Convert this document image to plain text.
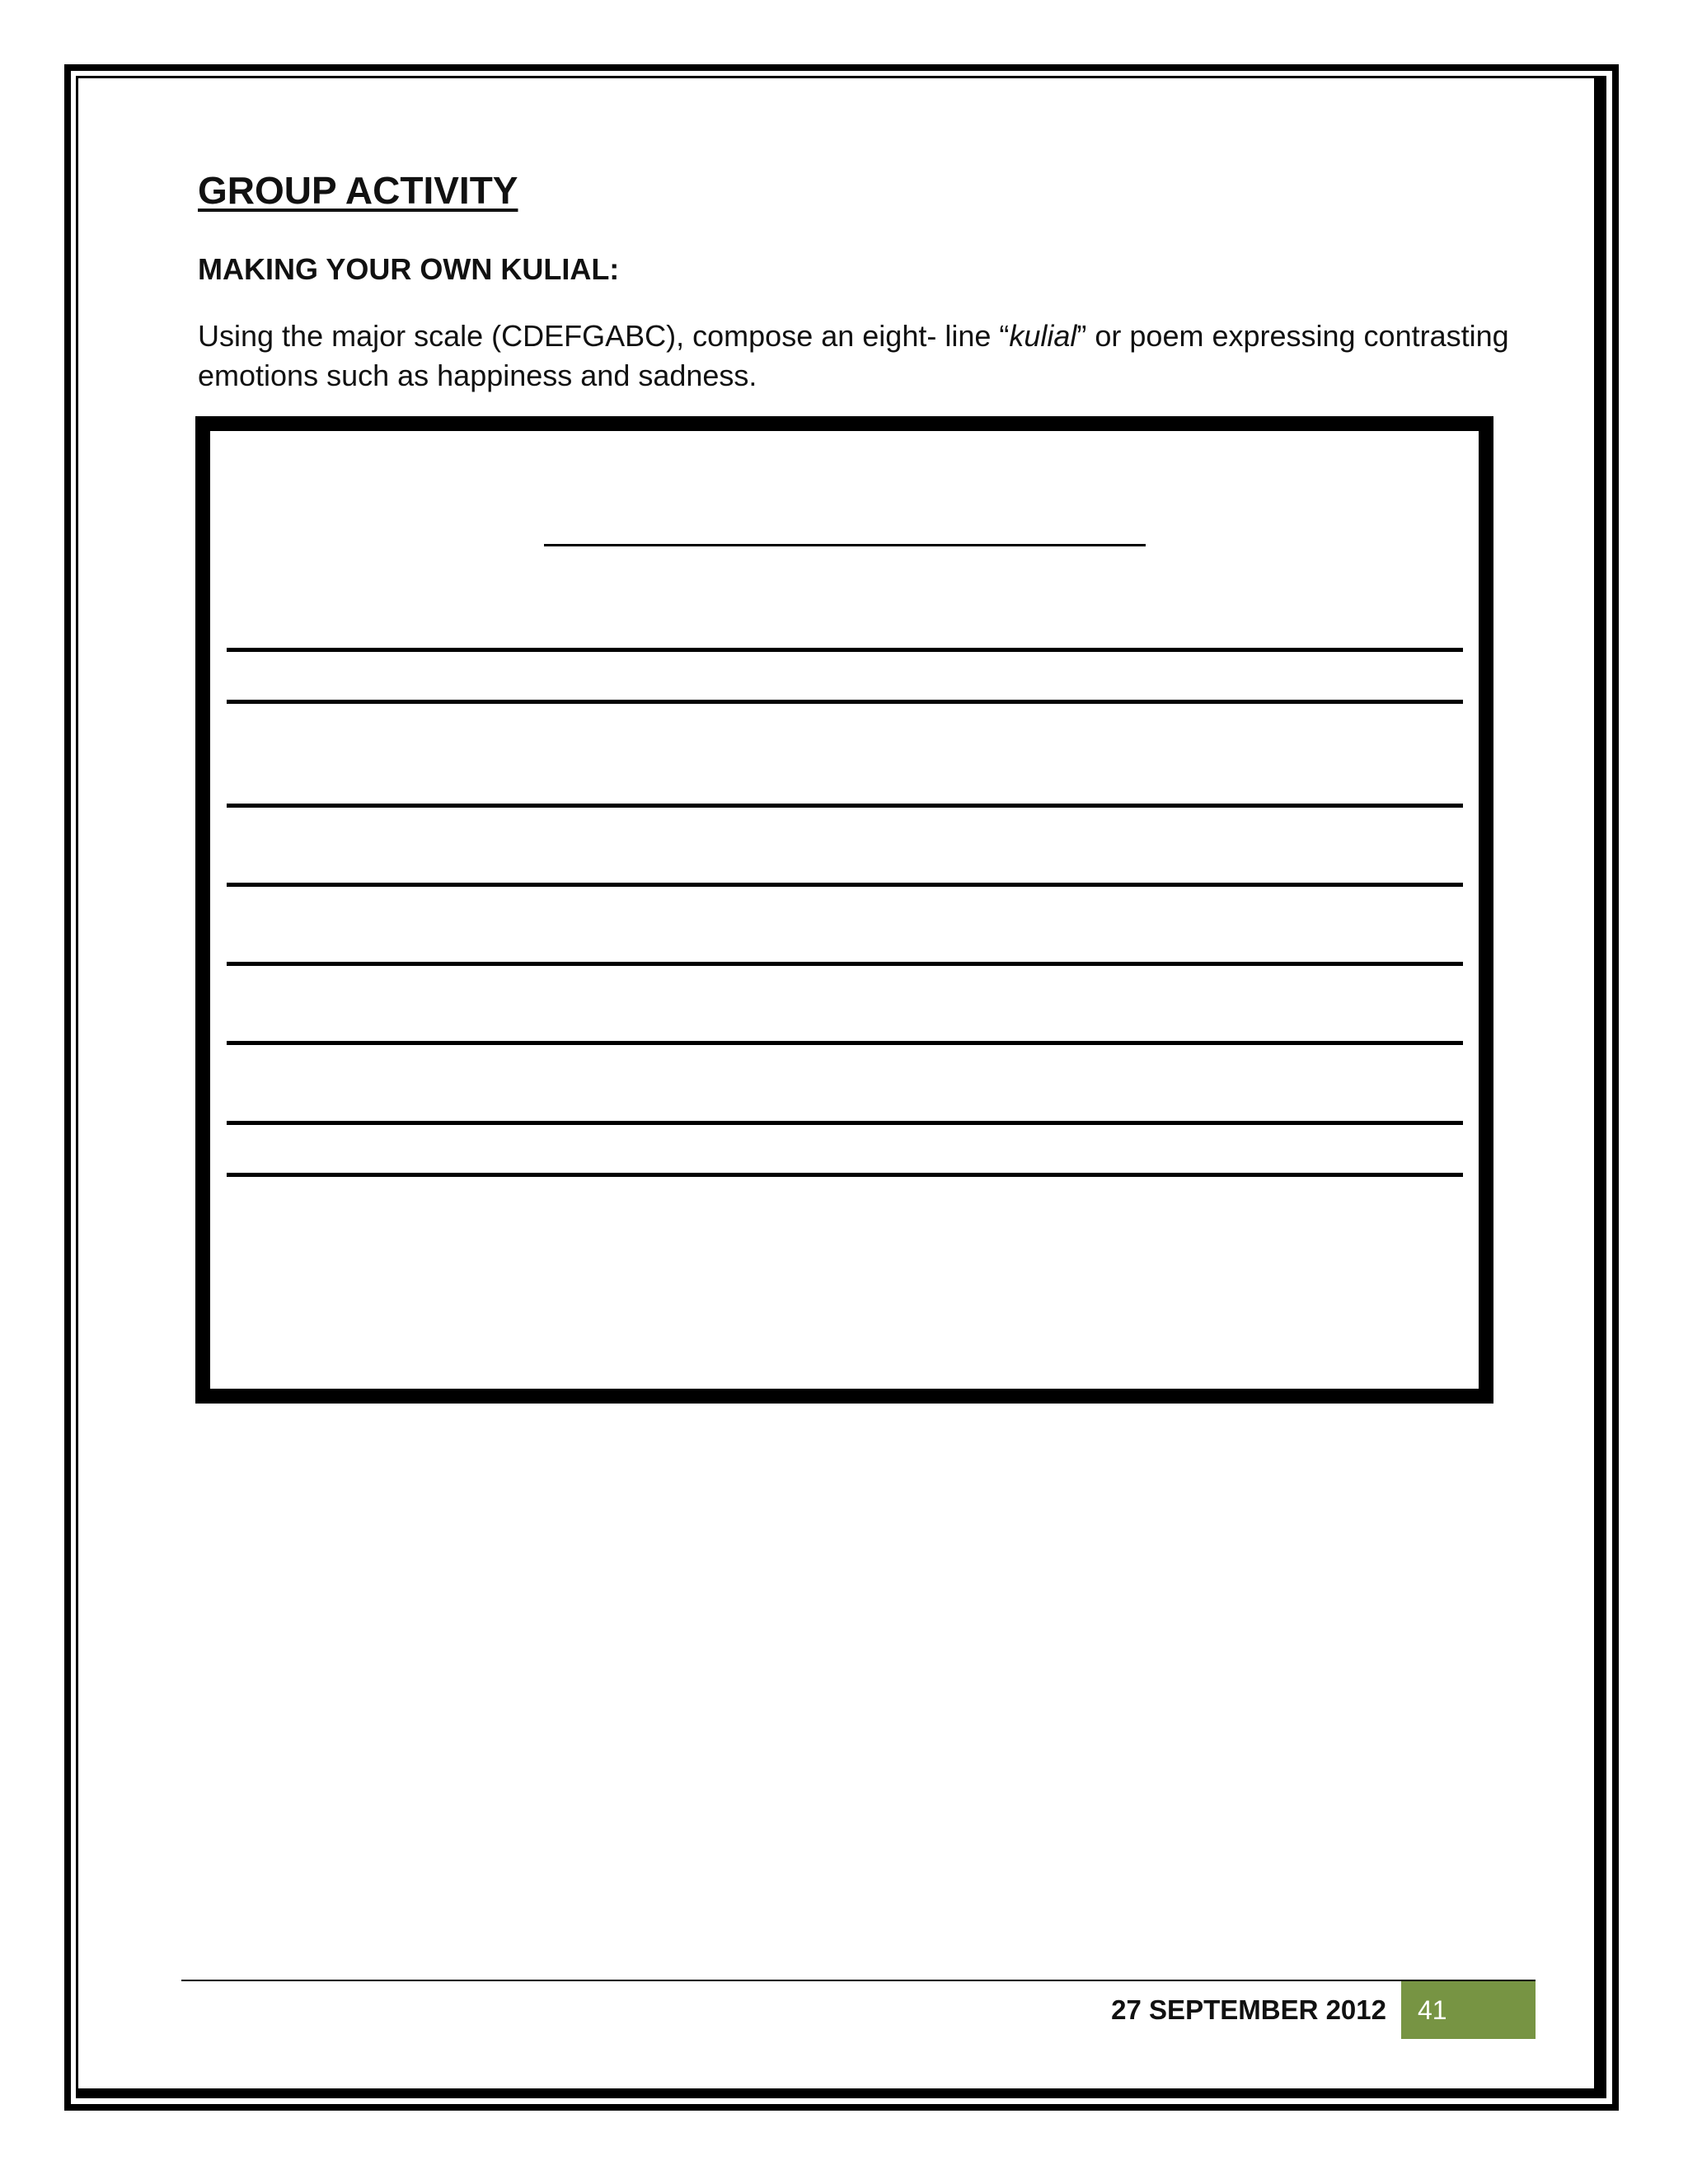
GROUP ACTIVITY
MAKING YOUR OWN KULIAL:

Using the major scale (CDEFGABC), compose an eight- line “kulial” or poem expressing contrasting emotions such as happiness and sadness.

27 SEPTEMBER 2012	41
